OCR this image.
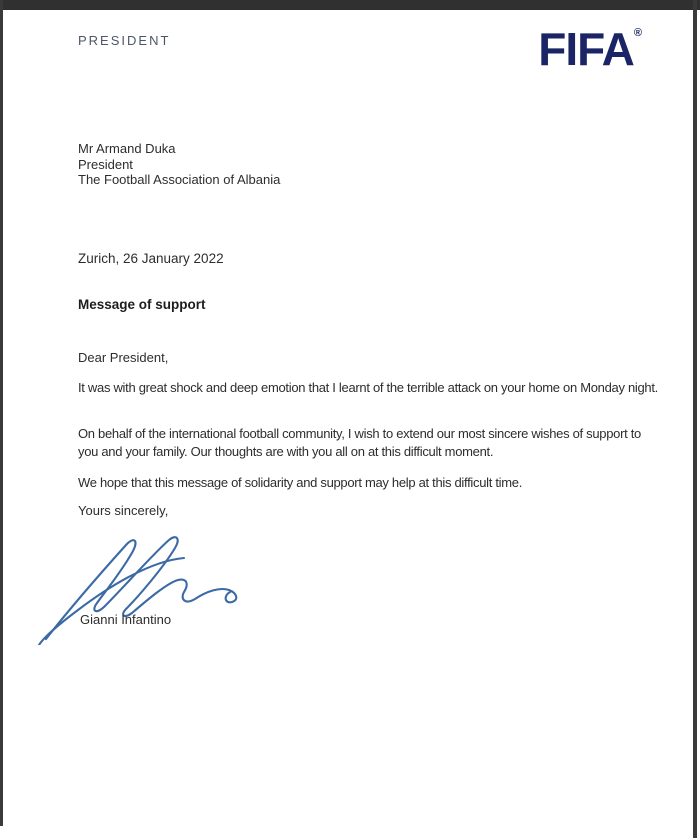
PRESIDENT	FIFA®
Mr Armand Duka
President
The Football Association of Albania
Zurich, 26 January 2022
Message of support
Dear President,

It was with great shock and deep emotion that I learnt of the terrible attack on your home on Monday night.

On behalf of the international football community, I wish to extend our most sincere wishes of support to you and your family. Our thoughts are with you all on at this difficult moment.

We hope that this message of solidarity and support may help at this difficult time.

Yours sincerely,
Gianni Infantino
